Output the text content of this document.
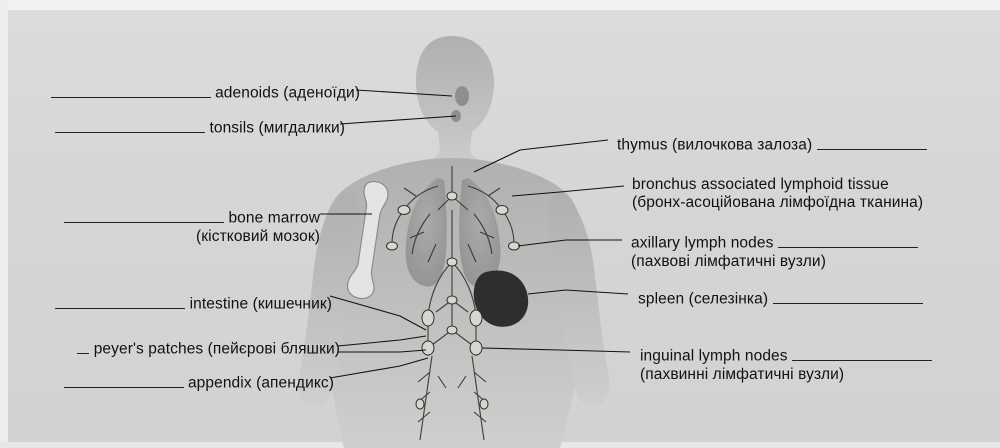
adenoids (аденоїди)
tonsils (мигдалики)
bone marrow
(кістковий мозок)
intestine (кишечник)
peyer's patches (пейєрові бляшки)
appendix (апендикс)
thymus (вилочкова залоза)
bronchus associated lymphoid tissue
(бронх-асоційована лімфоїдна тканина)
axillary lymph nodes
(пахвові лімфатичні вузли)
spleen (селезінка)
inguinal lymph nodes
(пахвинні лімфатичні вузли)
